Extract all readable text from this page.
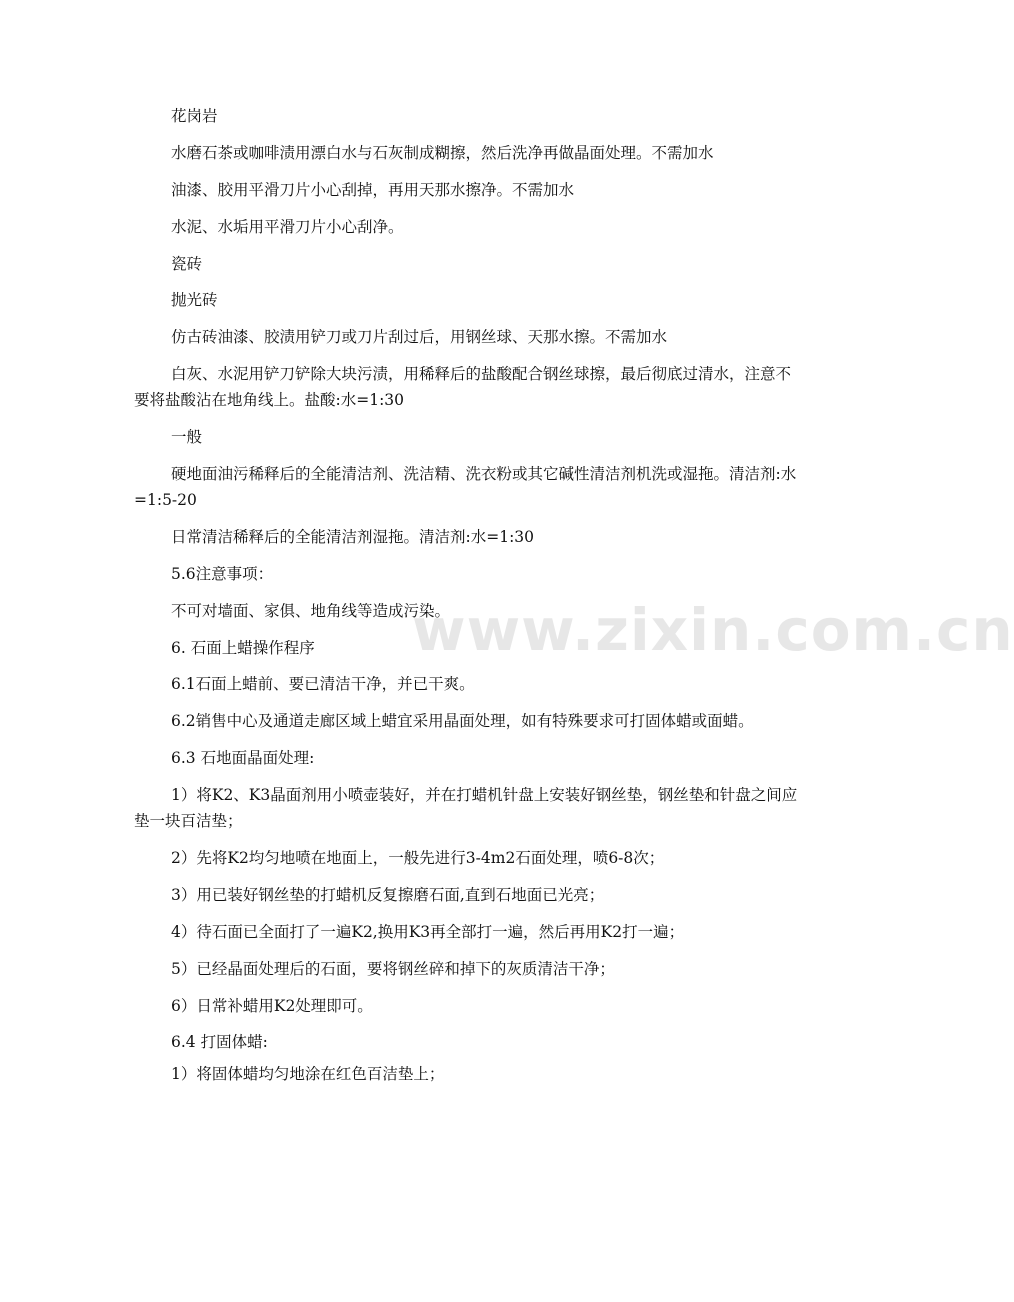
花岗岩

水磨石茶或咖啡渍用漂白水与石灰制成糊擦，然后洗净再做晶面处理。不需加水

油漆、胶用平滑刀片小心刮掉，再用天那水擦净。不需加水

水泥、水垢用平滑刀片小心刮净。

瓷砖

抛光砖

仿古砖油漆、胶渍用铲刀或刀片刮过后，用钢丝球、天那水擦。不需加水

白灰、水泥用铲刀铲除大块污渍，用稀释后的盐酸配合钢丝球擦，最后彻底过清水，注意不要将盐酸沾在地角线上。盐酸:水=1:30

一般

硬地面油污稀释后的全能清洁剂、洗洁精、洗衣粉或其它碱性清洁剂机洗或湿拖。清洁剂:水=1:5-20

日常清洁稀释后的全能清洁剂湿拖。清洁剂:水=1:30

5.6注意事项：

不可对墙面、家俱、地角线等造成污染。

6. 石面上蜡操作程序

6.1石面上蜡前、要已清洁干净，并已干爽。

6.2销售中心及通道走廊区域上蜡宜采用晶面处理，如有特殊要求可打固体蜡或面蜡。

6.3 石地面晶面处理:

1）将K2、K3晶面剂用小喷壶装好，并在打蜡机针盘上安装好钢丝垫，钢丝垫和针盘之间应垫一块百洁垫；

2）先将K2均匀地喷在地面上，一般先进行3-4m2石面处理，喷6-8次；

3）用已装好钢丝垫的打蜡机反复擦磨石面,直到石地面已光亮；

4）待石面已全面打了一遍K2,换用K3再全部打一遍，然后再用K2打一遍；

5）已经晶面处理后的石面，要将钢丝碎和掉下的灰质清洁干净；

6）日常补蜡用K2处理即可。

6.4 打固体蜡:

1）将固体蜡均匀地涂在红色百洁垫上；

www.zixin.com.cn
